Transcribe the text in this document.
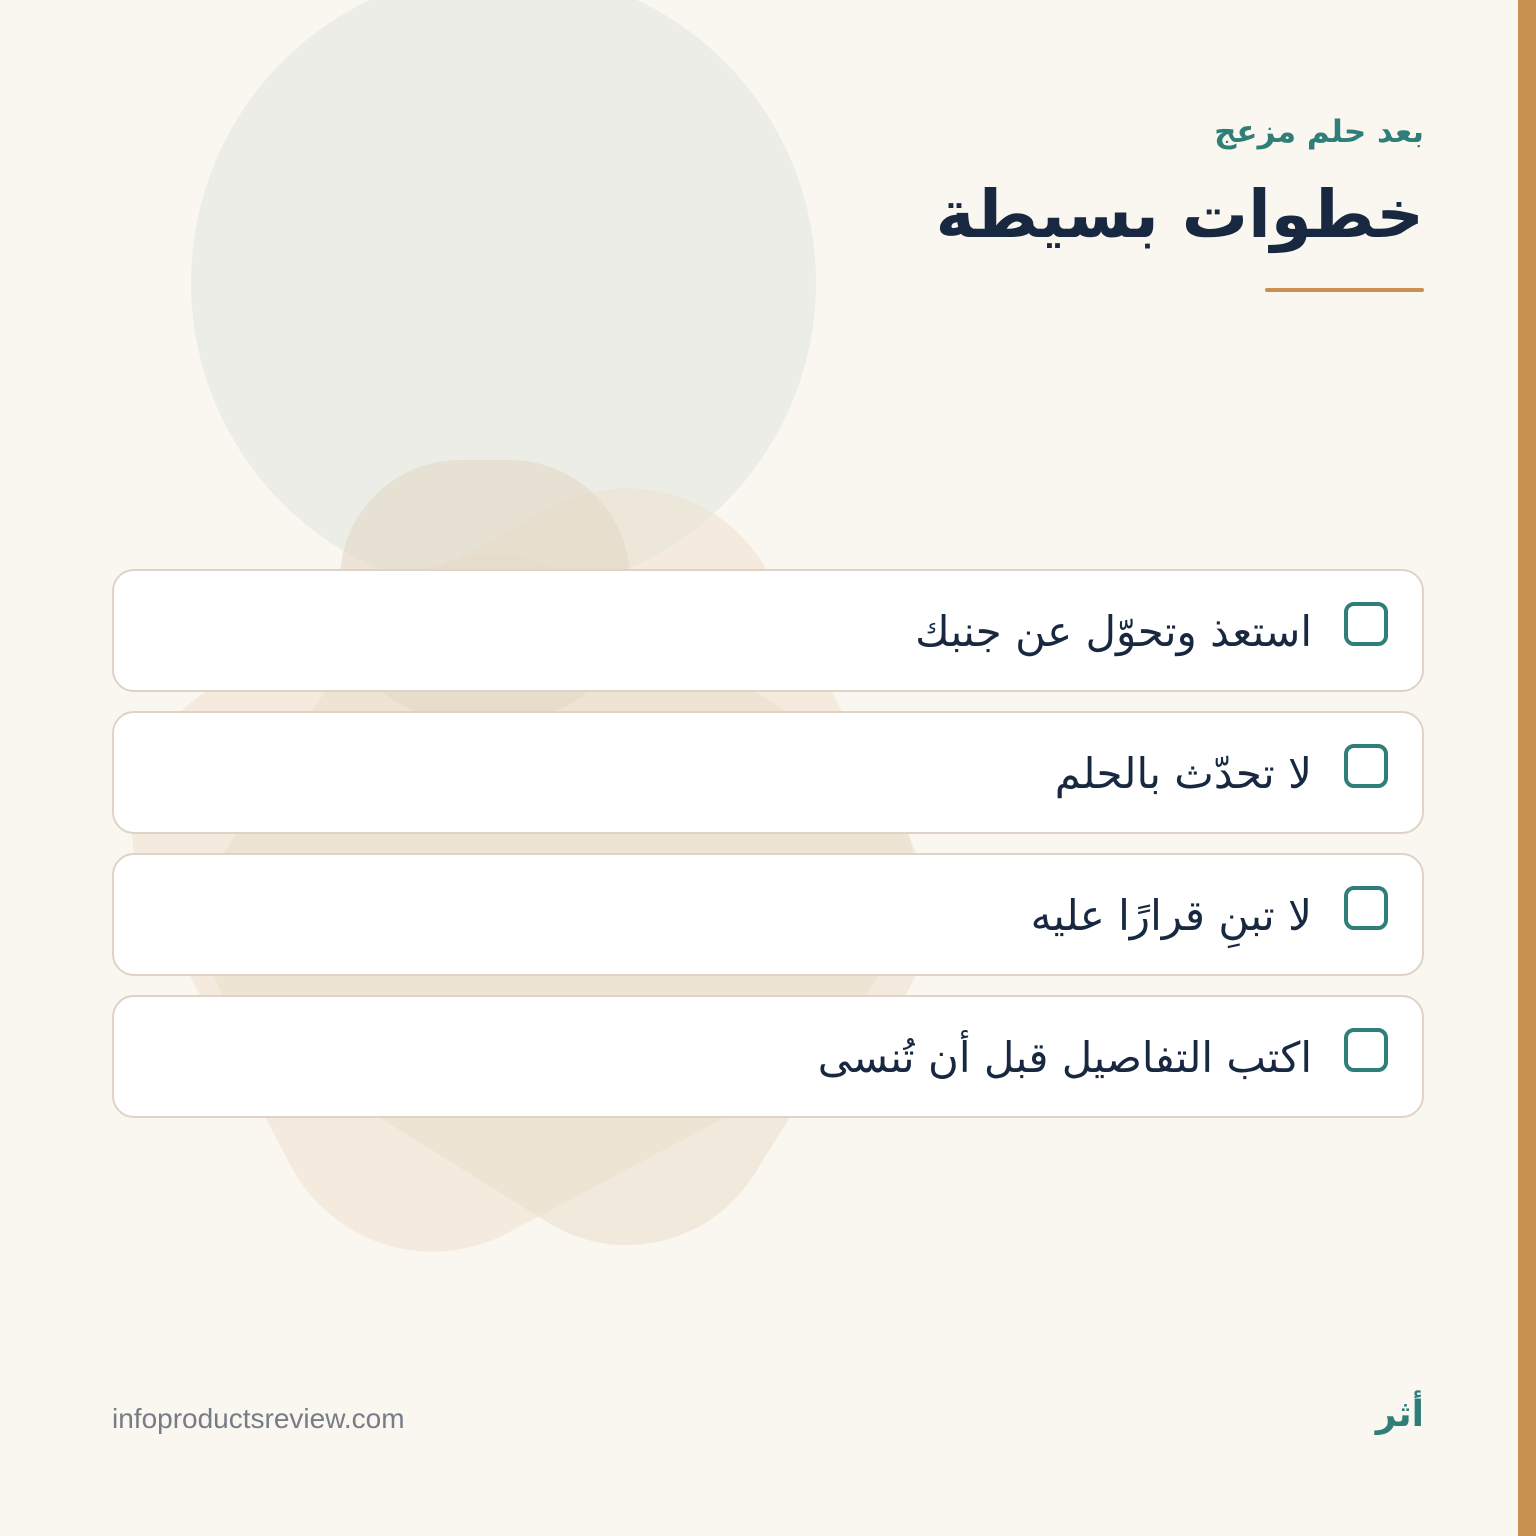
بعد حلم مزعج

خطوات بسيطة
استعذ وتحوّل عن جنبك
لا تحدّث بالحلم
لا تبنِ قرارًا عليه
اكتب التفاصيل قبل أن تُنسى
infoproductsreview.com	أثر
